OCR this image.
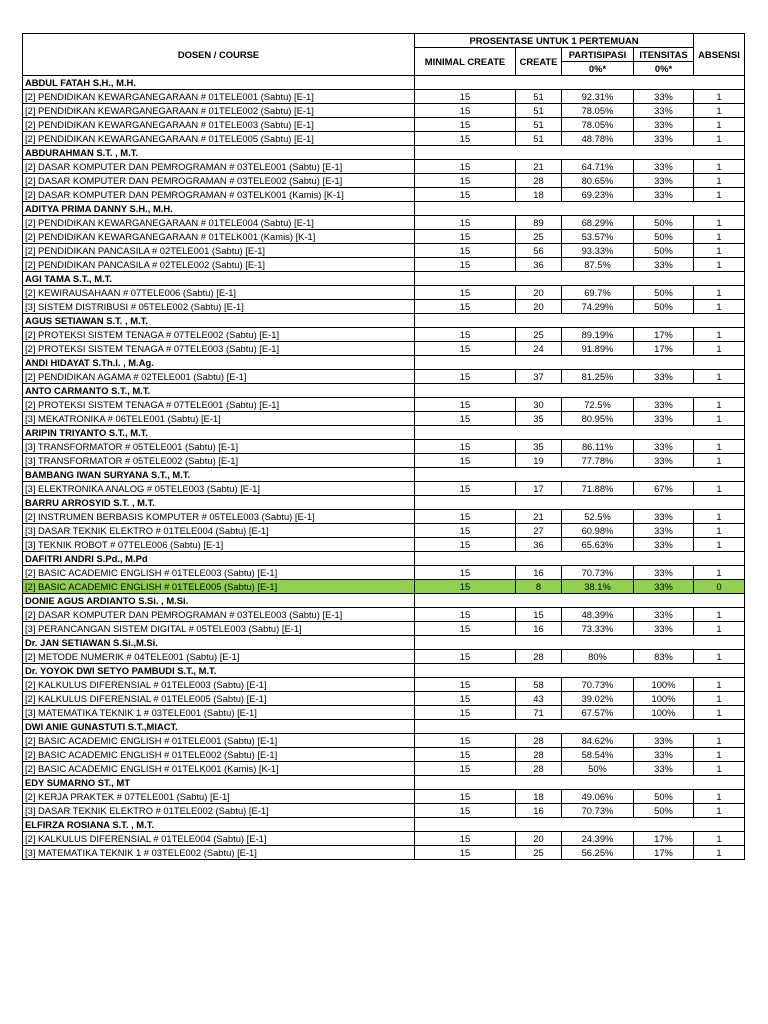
DOSEN / COURSE	PROSENTASE UNTUK 1 PERTEMUAN				ABSENSI
	MINIMAL CREATE	CREATE	PARTISIPASI	ITENSITAS	
			0%*	0%*	
ABDUL FATAH S.H., M.H.					
[2] PENDIDIKAN KEWARGANEGARAAN # 01TELE001 (Sabtu) [E-1]	15	51	92.31%	33%	1
[2] PENDIDIKAN KEWARGANEGARAAN # 01TELE002 (Sabtu) [E-1]	15	51	78.05%	33%	1
[2] PENDIDIKAN KEWARGANEGARAAN # 01TELE003 (Sabtu) [E-1]	15	51	78.05%	33%	1
[2] PENDIDIKAN KEWARGANEGARAAN # 01TELE005 (Sabtu) [E-1]	15	51	48.78%	33%	1
ABDURAHMAN S.T. , M.T.					
[2] DASAR KOMPUTER DAN PEMROGRAMAN # 03TELE001 (Sabtu) [E-1]	15	21	64.71%	33%	1
[2] DASAR KOMPUTER DAN PEMROGRAMAN # 03TELE002 (Sabtu) [E-1]	15	28	80.65%	33%	1
[2] DASAR KOMPUTER DAN PEMROGRAMAN # 03TELK001 (Kamis) [K-1]	15	18	69.23%	33%	1
ADITYA PRIMA DANNY S.H., M.H.					
[2] PENDIDIKAN KEWARGANEGARAAN # 01TELE004 (Sabtu) [E-1]	15	89	68.29%	50%	1
[2] PENDIDIKAN KEWARGANEGARAAN # 01TELK001 (Kamis) [K-1]	15	25	53.57%	50%	1
[2] PENDIDIKAN PANCASILA # 02TELE001 (Sabtu) [E-1]	15	56	93.33%	50%	1
[2] PENDIDIKAN PANCASILA # 02TELE002 (Sabtu) [E-1]	15	36	87.5%	33%	1
AGI TAMA S.T., M.T.					
[2] KEWIRAUSAHAAN # 07TELE006 (Sabtu) [E-1]	15	20	69.7%	50%	1
[3] SISTEM DISTRIBUSI # 05TELE002 (Sabtu) [E-1]	15	20	74.29%	50%	1
AGUS SETIAWAN S.T. , M.T.					
[2] PROTEKSI SISTEM TENAGA # 07TELE002 (Sabtu) [E-1]	15	25	89.19%	17%	1
[2] PROTEKSI SISTEM TENAGA # 07TELE003 (Sabtu) [E-1]	15	24	91.89%	17%	1
ANDI HIDAYAT S.Th.I. , M.Ag.					
[2] PENDIDIKAN AGAMA # 02TELE001 (Sabtu) [E-1]	15	37	81.25%	33%	1
ANTO CARMANTO S.T., M.T.					
[2] PROTEKSI SISTEM TENAGA # 07TELE001 (Sabtu) [E-1]	15	30	72.5%	33%	1
[3] MEKATRONIKA # 06TELE001 (Sabtu) [E-1]	15	35	80.95%	33%	1
ARIPIN TRIYANTO S.T., M.T.					
[3] TRANSFORMATOR # 05TELE001 (Sabtu) [E-1]	15	35	86.11%	33%	1
[3] TRANSFORMATOR # 05TELE002 (Sabtu) [E-1]	15	19	77.78%	33%	1
BAMBANG IWAN SURYANA S.T., M.T.					
[3] ELEKTRONIKA ANALOG # 05TELE003 (Sabtu) [E-1]	15	17	71.88%	67%	1
BARRU ARROSYID S.T. , M.T.					
[2] INSTRUMEN BERBASIS KOMPUTER # 05TELE003 (Sabtu) [E-1]	15	21	52.5%	33%	1
[3] DASAR TEKNIK ELEKTRO # 01TELE004 (Sabtu) [E-1]	15	27	60.98%	33%	1
[3] TEKNIK ROBOT # 07TELE006 (Sabtu) [E-1]	15	36	65.63%	33%	1
DAFITRI ANDRI S.Pd., M.Pd					
[2] BASIC ACADEMIC ENGLISH # 01TELE003 (Sabtu) [E-1]	15	16	70.73%	33%	1
[2] BASIC ACADEMIC ENGLISH # 01TELE005 (Sabtu) [E-1]	15	8	38.1%	33%	0
DONIE AGUS ARDIANTO S.Si. , M.Si.					
[2] DASAR KOMPUTER DAN PEMROGRAMAN # 03TELE003 (Sabtu) [E-1]	15	15	48.39%	33%	1
[3] PERANCANGAN SISTEM DIGITAL # 05TELE003 (Sabtu) [E-1]	15	16	73.33%	33%	1
Dr. JAN SETIAWAN S.Si.,M.Si.					
[2] METODE NUMERIK # 04TELE001 (Sabtu) [E-1]	15	28	80%	83%	1
Dr. YOYOK DWI SETYO PAMBUDI S.T., M.T.					
[2] KALKULUS DIFERENSIAL # 01TELE003 (Sabtu) [E-1]	15	58	70.73%	100%	1
[2] KALKULUS DIFERENSIAL # 01TELE005 (Sabtu) [E-1]	15	43	39.02%	100%	1
[3] MATEMATIKA TEKNIK 1 # 03TELE001 (Sabtu) [E-1]	15	71	67.57%	100%	1
DWI ANIE GUNASTUTI S.T.,MIACT.					
[2] BASIC ACADEMIC ENGLISH # 01TELE001 (Sabtu) [E-1]	15	28	84.62%	33%	1
[2] BASIC ACADEMIC ENGLISH # 01TELE002 (Sabtu) [E-1]	15	28	58.54%	33%	1
[2] BASIC ACADEMIC ENGLISH # 01TELK001 (Kamis) [K-1]	15	28	50%	33%	1
EDY SUMARNO ST., MT					
[2] KERJA PRAKTEK # 07TELE001 (Sabtu) [E-1]	15	18	49.06%	50%	1
[3] DASAR TEKNIK ELEKTRO # 01TELE002 (Sabtu) [E-1]	15	16	70.73%	50%	1
ELFIRZA ROSIANA S.T. , M.T.					
[2] KALKULUS DIFERENSIAL # 01TELE004 (Sabtu) [E-1]	15	20	24.39%	17%	1
[3] MATEMATIKA TEKNIK 1 # 03TELE002 (Sabtu) [E-1]	15	25	56.25%	17%	1
